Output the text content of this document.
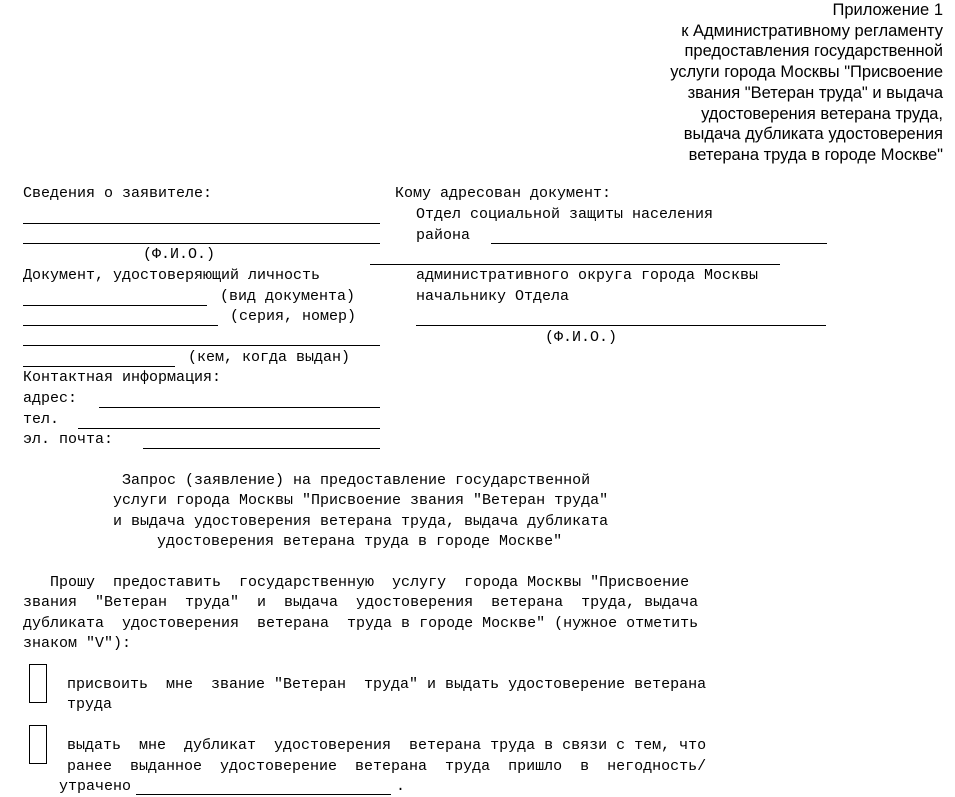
Приложение 1
к Административному регламенту
предоставления государственной
услуги города Москвы "Присвоение
звания "Ветеран труда" и выдача
удостоверения ветерана труда,
выдача дубликата удостоверения
ветерана труда в городе Москве"
Сведения о заявителе:
(Ф.И.О.)
Документ, удостоверяющий личность
(вид документа)
(серия, номер)
(кем, когда выдан)
Контактная информация:
адрес:
тел.
эл. почта:
Кому адресован документ:
Отдел социальной защиты населения
района
административного округа города Москвы
начальнику Отдела
(Ф.И.О.)
Запрос (заявление) на предоставление государственной
услуги города Москвы "Присвоение звания "Ветеран труда"
и выдача удостоверения ветерана труда, выдача дубликата
удостоверения ветерана труда в городе Москве"
Прошу  предоставить  государственную  услугу  города Москвы "Присвоение
звания  "Ветеран  труда"  и  выдача  удостоверения  ветерана  труда, выдача
дубликата  удостоверения  ветерана  труда в городе Москве" (нужное отметить
знаком "V"):
присвоить  мне  звание "Ветеран  труда" и выдать удостоверение ветерана
труда
выдать  мне  дубликат  удостоверения  ветерана труда в связи с тем, что
ранее  выданное  удостоверение  ветерана  труда  пришло  в  негодность/
утрачено	.
